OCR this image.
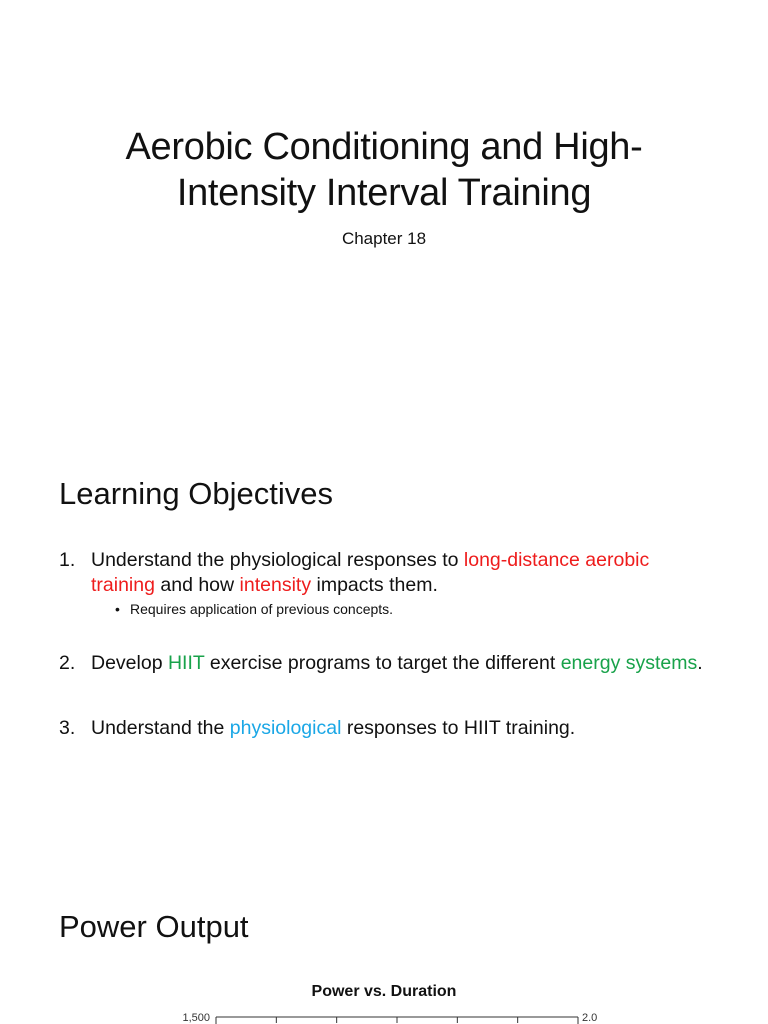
Aerobic Conditioning and High-
Intensity Interval Training

Chapter 18

Learning Objectives
1. Understand the physiological responses to long-distance aerobic training and how intensity impacts them.
• Requires application of previous concepts.
2. Develop HIIT exercise programs to target the different energy systems.
3. Understand the physiological responses to HIIT training.
Power Output

Power vs. Duration

1,500	2.0
